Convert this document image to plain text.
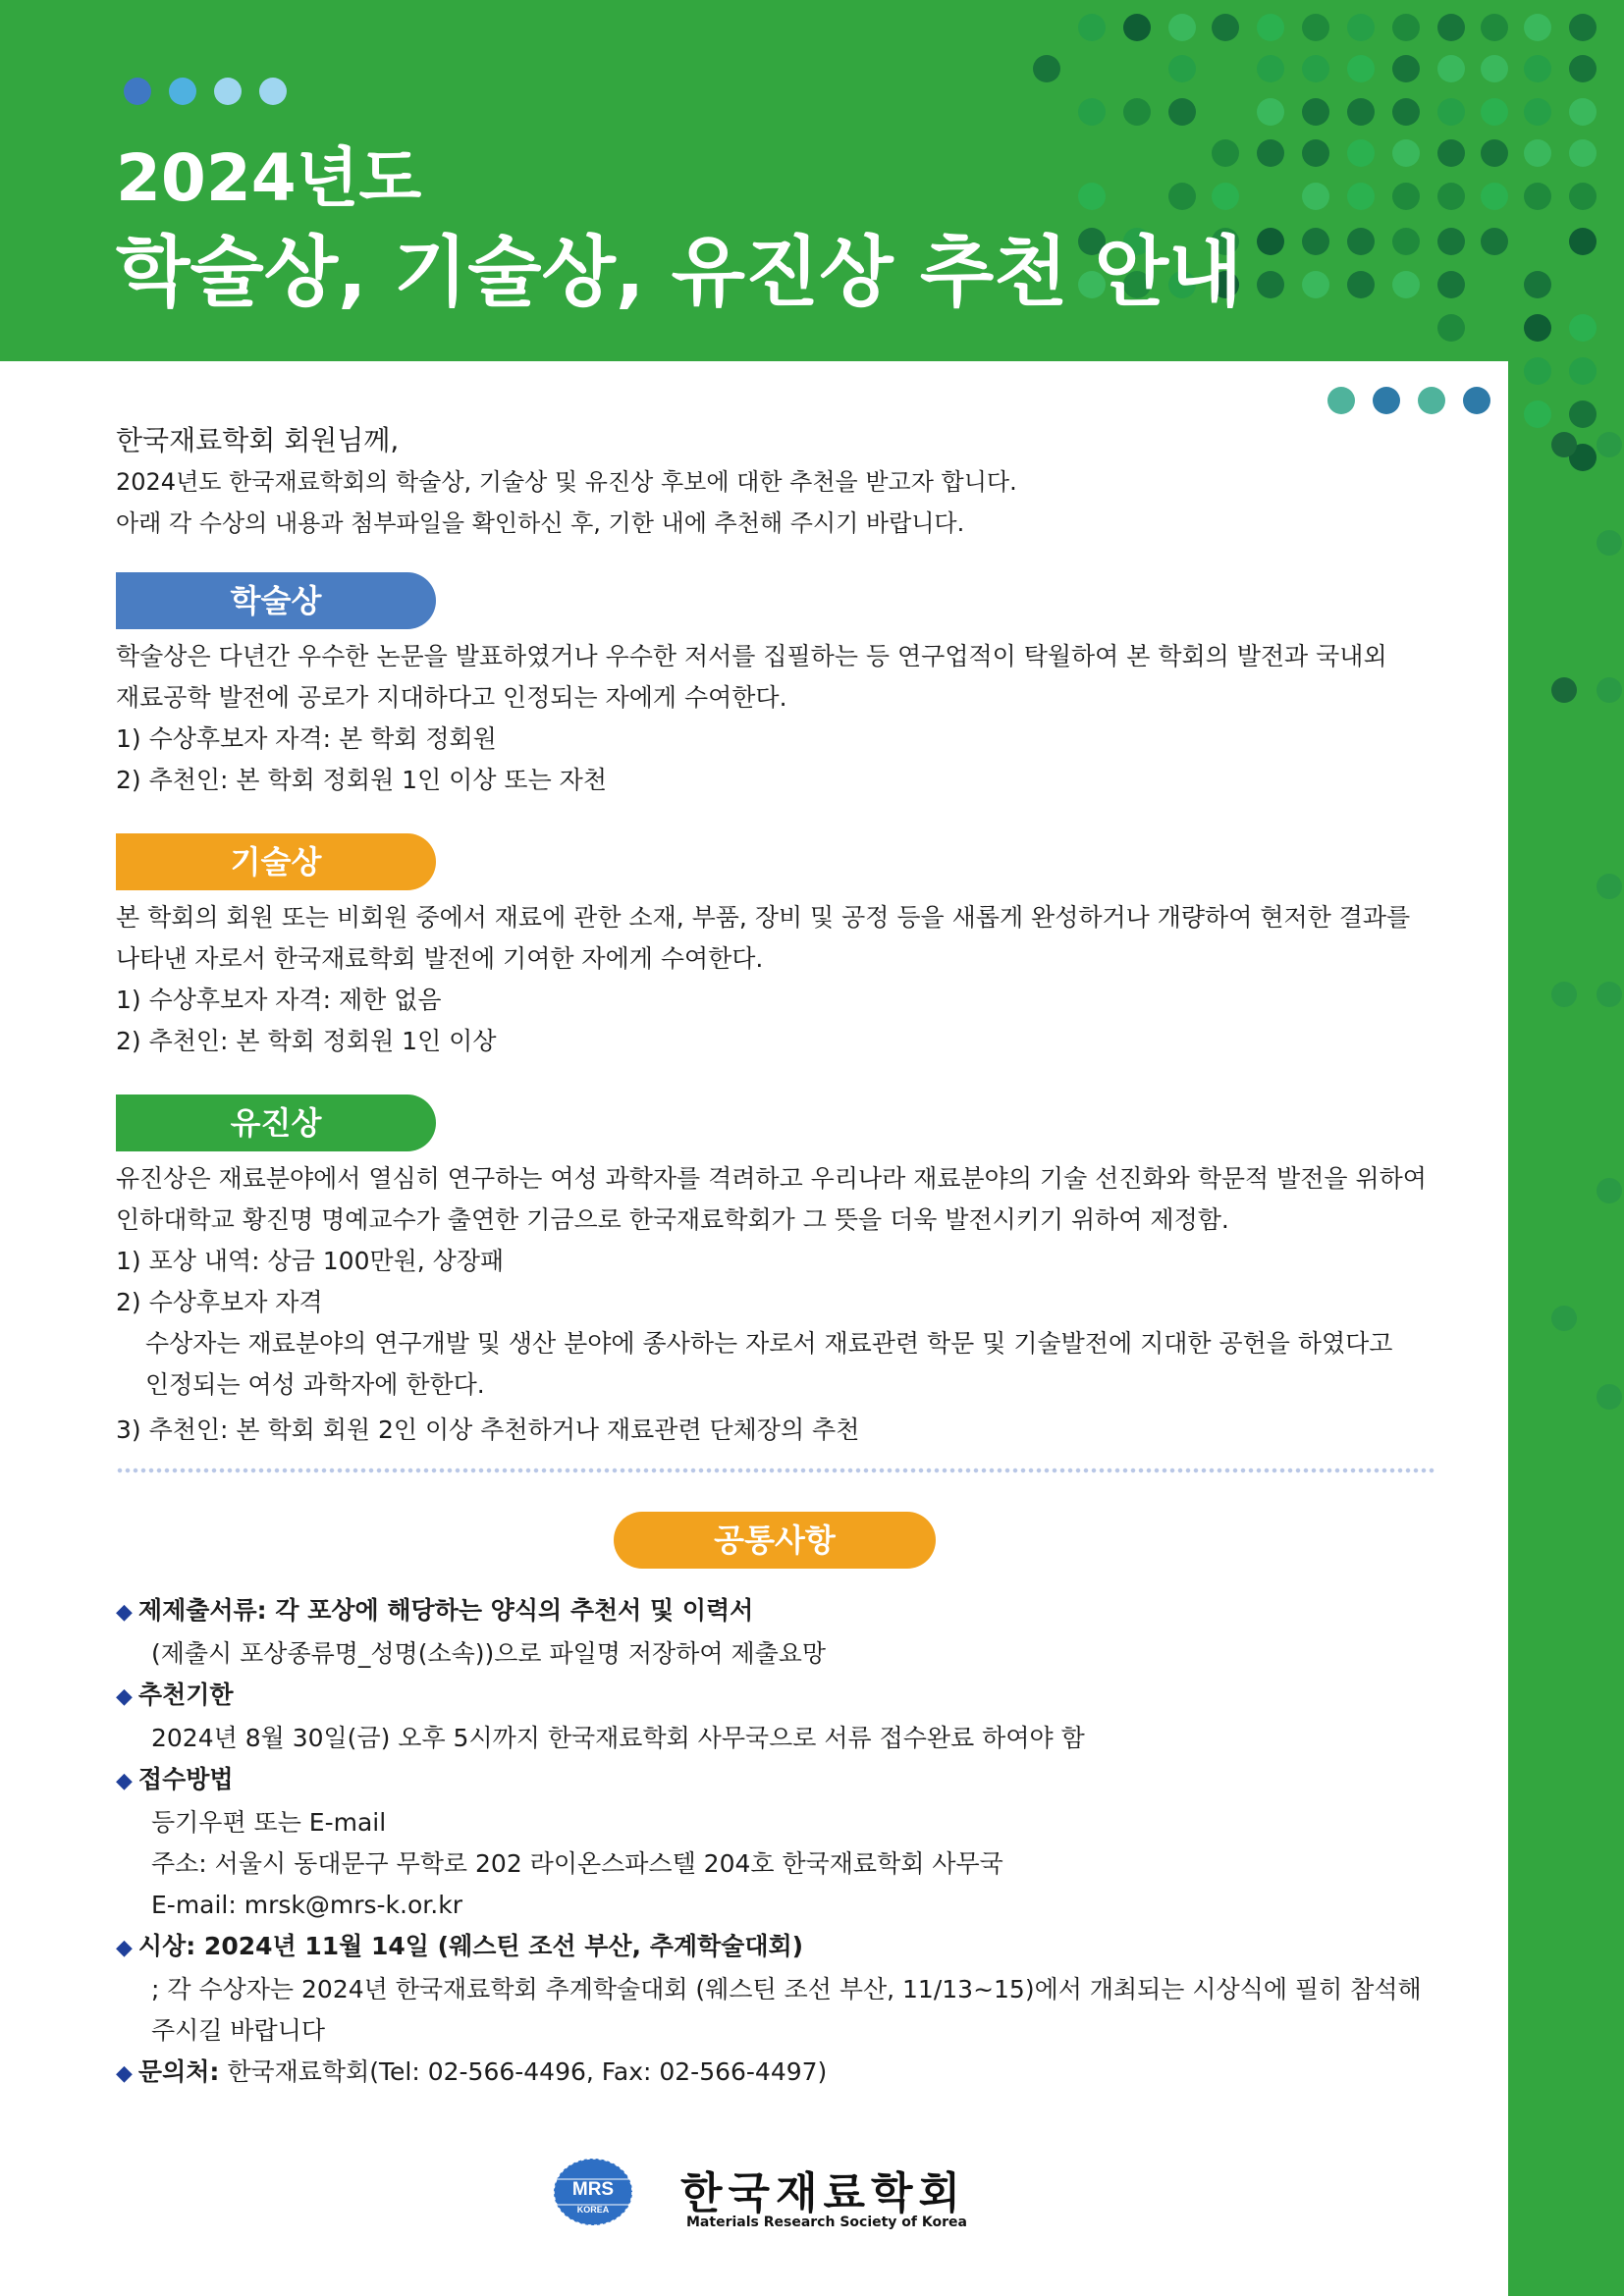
2024년도
학술상, 기술상, 유진상 추천 안내
한국재료학회 회원님께,
2024년도 한국재료학회의 학술상, 기술상 및 유진상 후보에 대한 추천을 받고자 합니다.
아래 각 수상의 내용과 첨부파일을 확인하신 후, 기한 내에 추천해 주시기 바랍니다.
학술상
학술상은 다년간 우수한 논문을 발표하였거나 우수한 저서를 집필하는 등 연구업적이 탁월하여 본 학회의 발전과 국내외
재료공학 발전에 공로가 지대하다고 인정되는 자에게 수여한다.
1) 수상후보자 자격: 본 학회 정회원
2) 추천인: 본 학회 정회원 1인 이상 또는 자천
기술상
본 학회의 회원 또는 비회원 중에서 재료에 관한 소재, 부품, 장비 및 공정 등을 새롭게 완성하거나 개량하여 현저한 결과를
나타낸 자로서 한국재료학회 발전에 기여한 자에게 수여한다.
1) 수상후보자 자격: 제한 없음
2) 추천인: 본 학회 정회원 1인 이상
유진상
유진상은 재료분야에서 열심히 연구하는 여성 과학자를 격려하고 우리나라 재료분야의 기술 선진화와 학문적 발전을 위하여
인하대학교 황진명 명예교수가 출연한 기금으로 한국재료학회가 그 뜻을 더욱 발전시키기 위하여 제정함.
1) 포상 내역: 상금 100만원, 상장패
2) 수상후보자 자격
수상자는 재료분야의 연구개발 및 생산 분야에 종사하는 자로서 재료관련 학문 및 기술발전에 지대한 공헌을 하였다고
인정되는 여성 과학자에 한한다.
3) 추천인: 본 학회 회원 2인 이상 추천하거나 재료관련 단체장의 추천
공통사항
◆ 제제출서류: 각 포상에 해당하는 양식의 추천서 및 이력서
(제출시 포상종류명_성명(소속))으로 파일명 저장하여 제출요망
◆ 추천기한
2024년 8월 30일(금) 오후 5시까지 한국재료학회 사무국으로 서류 접수완료 하여야 함
◆ 접수방법
등기우편 또는 E-mail
주소: 서울시 동대문구 무학로 202 라이온스파스텔 204호 한국재료학회 사무국
E-mail: mrsk@mrs-k.or.kr
◆ 시상: 2024년 11월 14일 (웨스틴 조선 부산, 추계학술대회)
; 각 수상자는 2024년 한국재료학회 추계학술대회 (웨스틴 조선 부산, 11/13~15)에서 개최되는 시상식에 필히 참석해
주시길 바랍니다
◆ 문의처: 한국재료학회(Tel: 02-566-4496, Fax: 02-566-4497)
MRS
KOREA 한국재료학회
Materials Research Society of Korea
